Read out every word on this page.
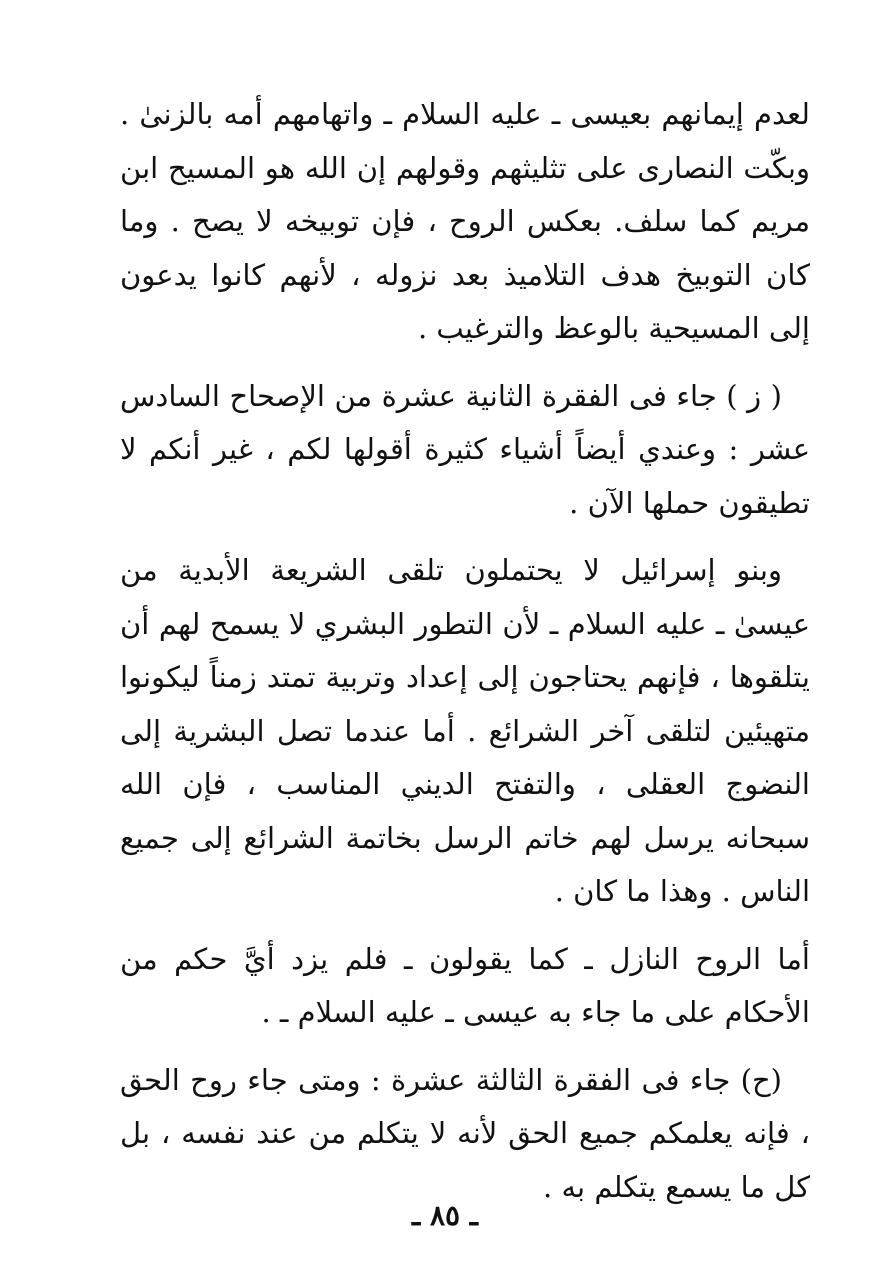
لعدم إيمانهم بعيسى ـ عليه السلام ـ واتهامهم أمه بالزنىٰ . وبكّت النصارى على تثليثهم وقولهم إن الله هو المسيح ابن مريم كما سلف. بعكس الروح ، فإن توبيخه لا يصح . وما كان التوبيخ هدف التلاميذ بعد نزوله ، لأنهم كانوا يدعون إلى المسيحية بالوعظ والترغيب .

( ز ) جاء فى الفقرة الثانية عشرة من الإصحاح السادس عشر : وعندي أيضاً أشياء كثيرة أقولها لكم ، غير أنكم لا تطيقون حملها الآن .

وبنو إسرائيل لا يحتملون تلقى الشريعة الأبدية من عيسىٰ ـ عليه السلام ـ لأن التطور البشري لا يسمح لهم أن يتلقوها ، فإنهم يحتاجون إلى إعداد وتربية تمتد زمناً ليكونوا متهيئين لتلقى آخر الشرائع . أما عندما تصل البشرية إلى النضوج العقلى ، والتفتح الديني المناسب ، فإن الله سبحانه يرسل لهم خاتم الرسل بخاتمة الشرائع إلى جميع الناس . وهذا ما كان .

أما الروح النازل ـ كما يقولون ـ فلم يزد أيَّ حكم من الأحكام على ما جاء به عيسى ـ عليه السلام ـ .

(ح) جاء فى الفقرة الثالثة عشرة : ومتى جاء روح الحق ، فإنه يعلمكم جميع الحق لأنه لا يتكلم من عند نفسه ، بل كل ما يسمع يتكلم به .

ـ ٨٥ ـ
